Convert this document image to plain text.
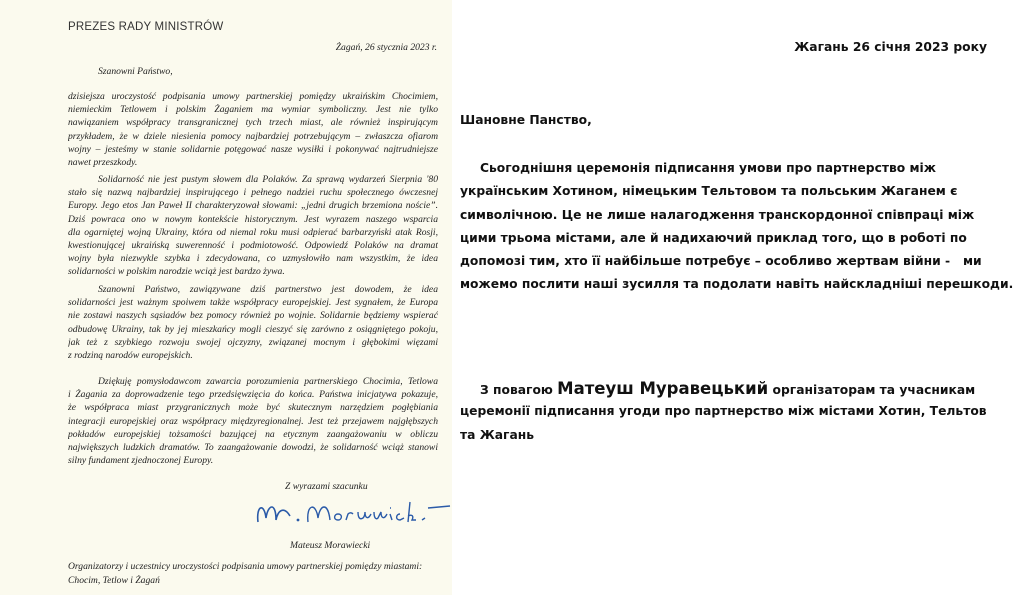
PREZES RADY MINISTRÓW
Żagań, 26 stycznia 2023 r.
Szanowni Państwo,
dzisiejsza uroczystość podpisania umowy partnerskiej pomiędzy ukraińskim Chocimiem,
niemieckim Tetlowem i polskim Żaganiem ma wymiar symboliczny. Jest nie tylko
nawiązaniem współpracy transgranicznej tych trzech miast, ale również inspirującym
przykładem, że w dziele niesienia pomocy najbardziej potrzebującym – zwłaszcza ofiarom
wojny – jesteśmy w stanie solidarnie potęgować nasze wysiłki i pokonywać najtrudniejsze
nawet przeszkody.
Solidarność nie jest pustym słowem dla Polaków. Za sprawą wydarzeń Sierpnia '80
stało się nazwą najbardziej inspirującego i pełnego nadziei ruchu społecznego ówczesnej
Europy. Jego etos Jan Paweł II charakteryzował słowami: „jedni drugich brzemiona noście”.
Dziś powraca ono w nowym kontekście historycznym. Jest wyrazem naszego wsparcia
dla ogarniętej wojną Ukrainy, która od niemal roku musi odpierać barbarzyński atak Rosji,
kwestionującej ukraińską suwerenność i podmiotowość. Odpowiedź Polaków na dramat
wojny była niezwykle szybka i zdecydowana, co uzmysłowiło nam wszystkim, że idea
solidarności w polskim narodzie wciąż jest bardzo żywa.
Szanowni Państwo, zawiązywane dziś partnerstwo jest dowodem, że idea
solidarności jest ważnym spoiwem także współpracy europejskiej. Jest sygnałem, że Europa
nie zostawi naszych sąsiadów bez pomocy również po wojnie. Solidarnie będziemy wspierać
odbudowę Ukrainy, tak by jej mieszkańcy mogli cieszyć się zarówno z osiągniętego pokoju,
jak też z szybkiego rozwoju swojej ojczyzny, związanej mocnym i głębokimi więzami
z rodziną narodów europejskich.
Dziękuję pomysłodawcom zawarcia porozumienia partnerskiego Chocimia, Tetlowa
i Żagania za doprowadzenie tego przedsięwzięcia do końca. Państwa inicjatywa pokazuje,
że współpraca miast przygranicznych może być skutecznym narzędziem pogłębiania
integracji europejskiej oraz współpracy międzyregionalnej. Jest też przejawem najgłębszych
pokładów europejskiej tożsamości bazującej na etycznym zaangażowaniu w obliczu
największych ludzkich dramatów. To zaangażowanie dowodzi, że solidarność wciąż stanowi
silny fundament zjednoczonej Europy.
Z wyrazami szacunku
Mateusz Morawiecki
Organizatorzy i uczestnicy uroczystości podpisania umowy partnerskiej pomiędzy miastami:
Chocim, Tetlow i Żagań
Жагань 26 січня 2023 року
Шановне Панство,
Сьогоднішня церемонія підписання умови про партнерство між
українським Хотином, німецьким Тельтовом та польським Жаганем є
символічною. Це не лише налагодження транскордонної співпраці між
цими трьома містами, але й надихаючий приклад того, що в роботі по
допомозі тим, хто її найбільше потребує – особливо жертвам війни -   ми
можемо послити наші зусилля та подолати навіть найскладніші перешкоди.
З повагою Матеуш Муравецький організаторам та учасникам
церемонії підписання угоди про партнерство між містами Хотин, Тельтов
та Жагань
